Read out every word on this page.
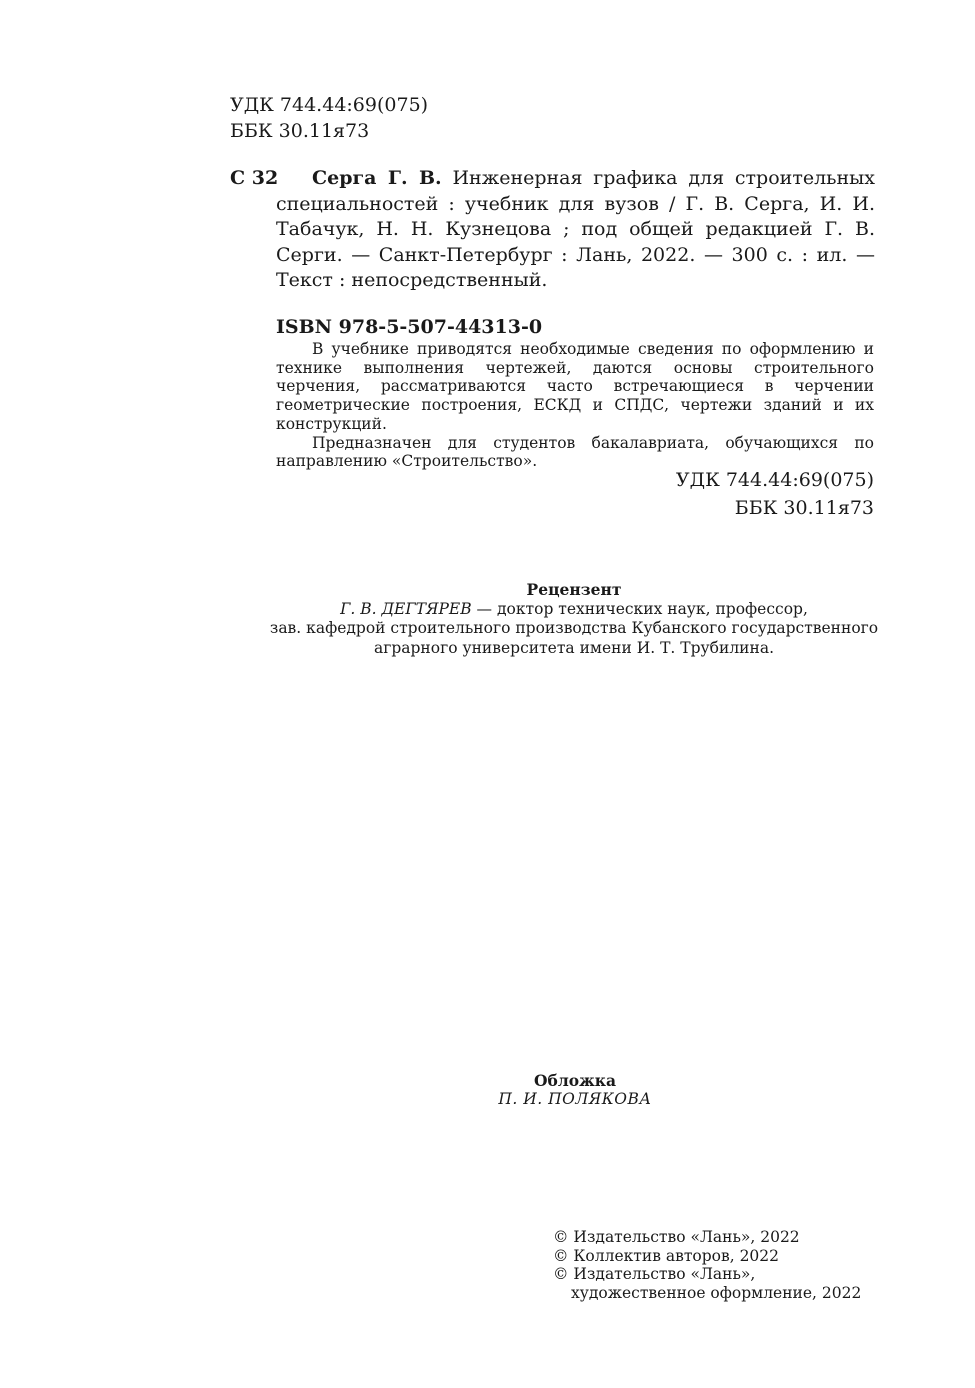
УДК 744.44:69(075)
ББК 30.11я73
С 32	Серга Г. В. Инженерная графика для строительных специальностей : учебник для вузов / Г. В. Серга, И. И. Табачук, Н. Н. Кузнецова ; под общей редакцией Г. В. Серги. — Санкт-Петербург : Лань, 2022. — 300 с. : ил. — Текст : непосредственный.
ISBN 978-5-507-44313-0

В учебнике приводятся необходимые сведения по оформлению и технике выполнения чертежей, даются основы строительного черчения, рассматриваются часто встречающиеся в черчении геометрические построения, ЕСКД и СПДС, чертежи зданий и их конструкций.

Предназначен для студентов бакалавриата, обучающихся по направлению «Строительство».

УДК 744.44:69(075)
ББК 30.11я73
Рецензент
Г. В. ДЕГТЯРЕВ — доктор технических наук, профессор,
зав. кафедрой строительного производства Кубанского государственного
аграрного университета имени И. Т. Трубилина.
Обложка
П. И. ПОЛЯКОВА
© Издательство «Лань», 2022
© Коллектив авторов, 2022
© Издательство «Лань»,
художественное оформление, 2022
